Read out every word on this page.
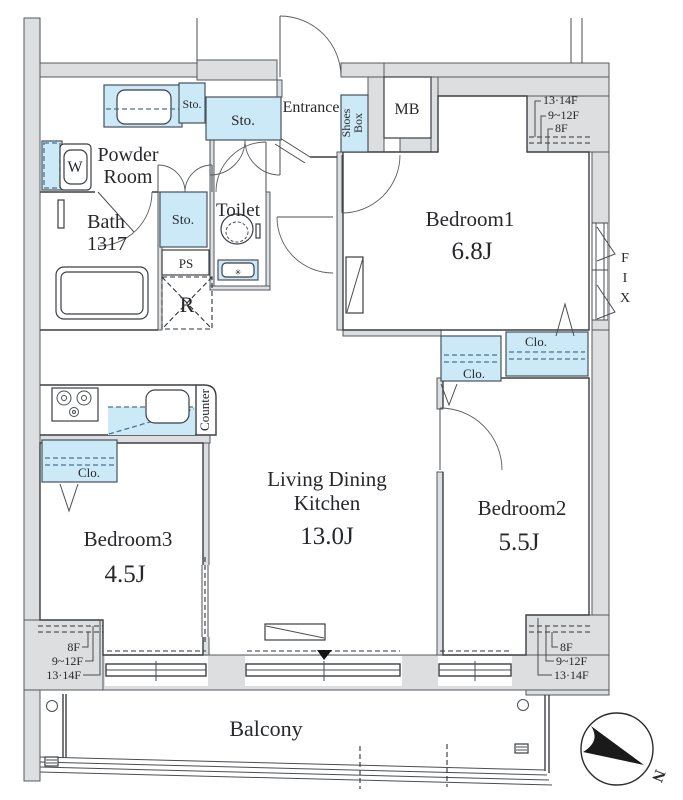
✳
13·14F
9~12F
8F
8F
9~12F
13·14F
8F
9~12F
13·14F
N
Bedroom1
6.8J
Bedroom2
5.5J
Bedroom3
4.5J
Living Dining
Kitchen
13.0J
Bath
1317
Powder
Room
Toilet
Entrance
Balcony
Sto.
Sto.
Sto.
PS
R
W
MB
Shoes
Box
Counter
Clo.
Clo.
Clo.
F
I
X
